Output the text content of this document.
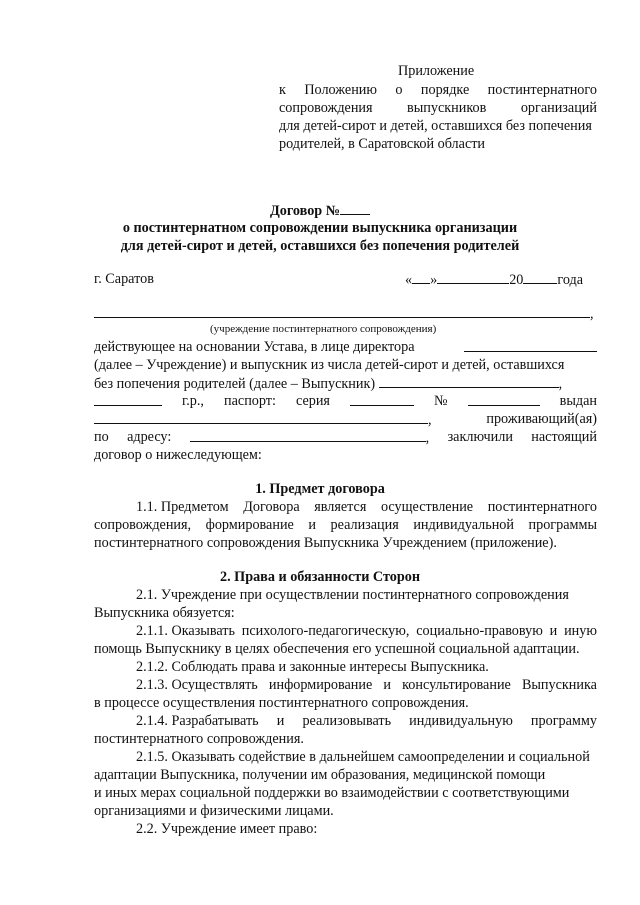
Приложение
к Положению о порядке постинтернатного
сопровождения выпускников организаций
для детей-сирот и детей, оставшихся без попечения
родителей, в Саратовской области
Договор №
о постинтернатном сопровождении выпускника организации
для детей-сирот и детей, оставшихся без попечения родителей
г. Саратов	« »	20 года
,
(учреждение постинтернатного сопровождения)
действующее на основании Устава, в лице директора
(далее – Учреждение) и выпускник из числа детей-сирот и детей, оставшихся
без попечения родителей (далее – Выпускник)	,
г.р., паспорт: серия	№	выдан
,	проживающий(ая)
по адресу:	, заключили настоящий
договор о нижеследующем:
1. Предмет договора
1.1. Предметом Договора является осуществление постинтернатного
сопровождения, формирование и реализация индивидуальной программы
постинтернатного сопровождения Выпускника Учреждением (приложение).
2. Права и обязанности Сторон
2.1. Учреждение при осуществлении постинтернатного сопровождения
Выпускника обязуется:
2.1.1. Оказывать психолого-педагогическую, социально-правовую и иную
помощь Выпускнику в целях обеспечения его успешной социальной адаптации.
2.1.2. Соблюдать права и законные интересы Выпускника.
2.1.3. Осуществлять информирование и консультирование Выпускника
в процессе осуществления постинтернатного сопровождения.
2.1.4. Разрабатывать и реализовывать индивидуальную программу
постинтернатного сопровождения.
2.1.5. Оказывать содействие в дальнейшем самоопределении и социальной
адаптации Выпускника, получении им образования, медицинской помощи
и иных мерах социальной поддержки во взаимодействии с соответствующими
организациями и физическими лицами.
2.2. Учреждение имеет право:
